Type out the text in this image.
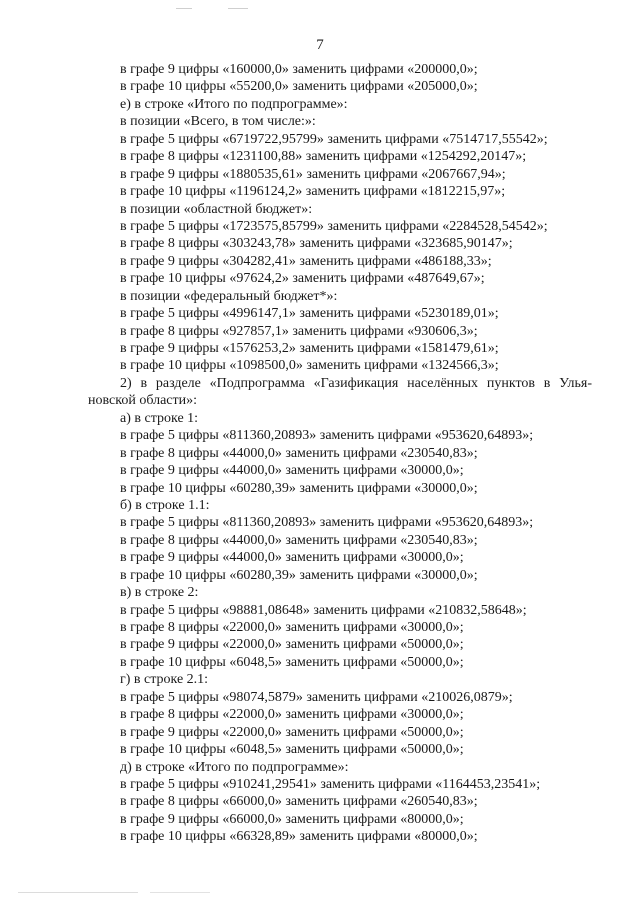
7
в графе 9 цифры «160000,0» заменить цифрами «200000,0»;
в графе 10 цифры «55200,0» заменить цифрами «205000,0»;
е) в строке «Итого по подпрограмме»:
в позиции «Всего, в том числе:»:
в графе 5 цифры «6719722,95799» заменить цифрами «7514717,55542»;
в графе 8 цифры «1231100,88» заменить цифрами «1254292,20147»;
в графе 9 цифры «1880535,61» заменить цифрами «2067667,94»;
в графе 10 цифры «1196124,2» заменить цифрами «1812215,97»;
в позиции «областной бюджет»:
в графе 5 цифры «1723575,85799» заменить цифрами «2284528,54542»;
в графе 8 цифры «303243,78» заменить цифрами «323685,90147»;
в графе 9 цифры «304282,41» заменить цифрами «486188,33»;
в графе 10 цифры «97624,2» заменить цифрами «487649,67»;
в позиции «федеральный бюджет*»:
в графе 5 цифры «4996147,1» заменить цифрами «5230189,01»;
в графе 8 цифры «927857,1» заменить цифрами «930606,3»;
в графе 9 цифры «1576253,2» заменить цифрами «1581479,61»;
в графе 10 цифры «1098500,0» заменить цифрами «1324566,3»;
2) в разделе «Подпрограмма «Газификация населённых пунктов в Улья-
новской области»:
а) в строке 1:
в графе 5 цифры «811360,20893» заменить цифрами «953620,64893»;
в графе 8 цифры «44000,0» заменить цифрами «230540,83»;
в графе 9 цифры «44000,0» заменить цифрами «30000,0»;
в графе 10 цифры «60280,39» заменить цифрами «30000,0»;
б) в строке 1.1:
в графе 5 цифры «811360,20893» заменить цифрами «953620,64893»;
в графе 8 цифры «44000,0» заменить цифрами «230540,83»;
в графе 9 цифры «44000,0» заменить цифрами «30000,0»;
в графе 10 цифры «60280,39» заменить цифрами «30000,0»;
в) в строке 2:
в графе 5 цифры «98881,08648» заменить цифрами «210832,58648»;
в графе 8 цифры «22000,0» заменить цифрами «30000,0»;
в графе 9 цифры «22000,0» заменить цифрами «50000,0»;
в графе 10 цифры «6048,5» заменить цифрами «50000,0»;
г) в строке 2.1:
в графе 5 цифры «98074,5879» заменить цифрами «210026,0879»;
в графе 8 цифры «22000,0» заменить цифрами «30000,0»;
в графе 9 цифры «22000,0» заменить цифрами «50000,0»;
в графе 10 цифры «6048,5» заменить цифрами «50000,0»;
д) в строке «Итого по подпрограмме»:
в графе 5 цифры «910241,29541» заменить цифрами «1164453,23541»;
в графе 8 цифры «66000,0» заменить цифрами «260540,83»;
в графе 9 цифры «66000,0» заменить цифрами «80000,0»;
в графе 10 цифры «66328,89» заменить цифрами «80000,0»;
